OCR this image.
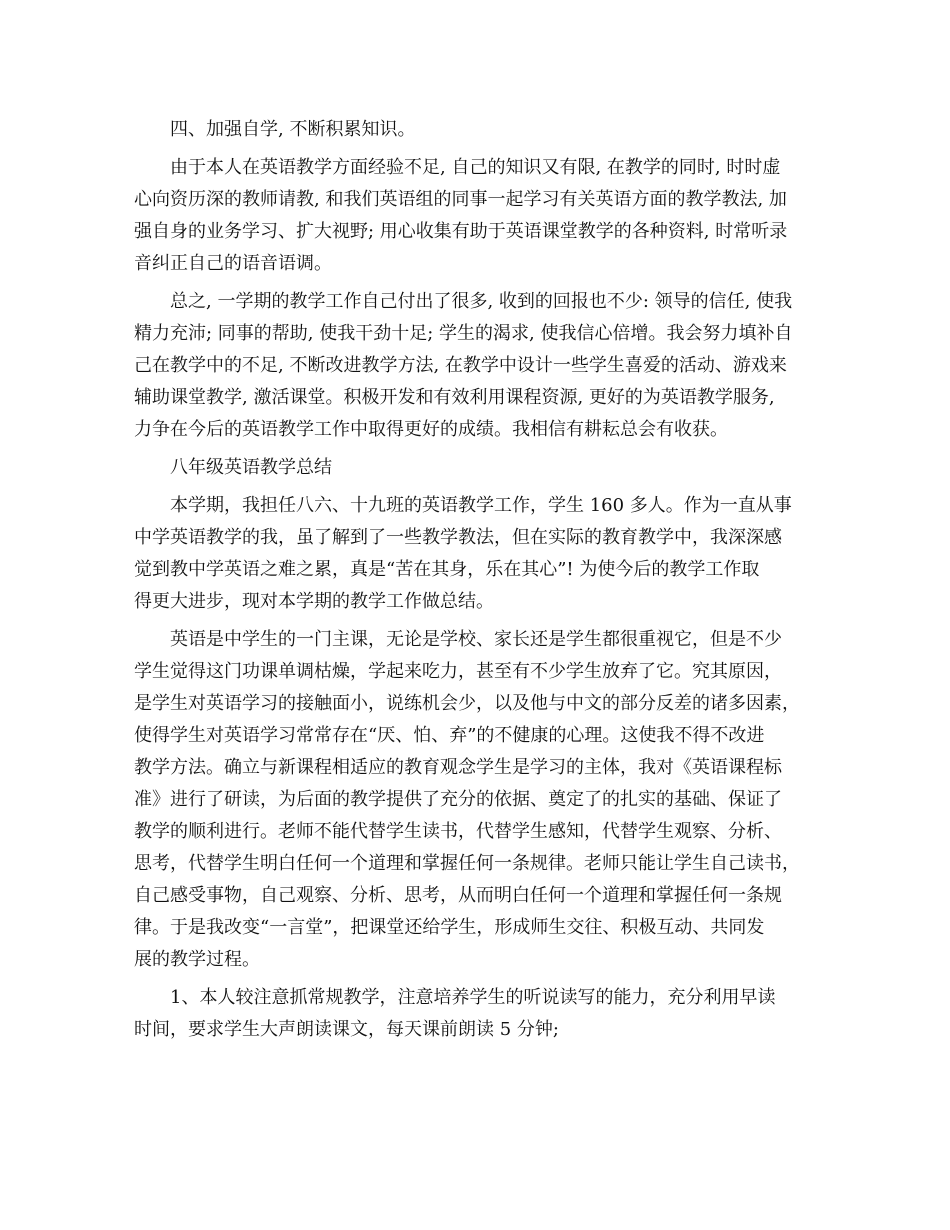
四、加强自学, 不断积累知识。

由于本人在英语教学方面经验不足, 自己的知识又有限, 在教学的同时, 时时虚
心向资历深的教师请教, 和我们英语组的同事一起学习有关英语方面的教学教法, 加
强自身的业务学习、扩大视野; 用心收集有助于英语课堂教学的各种资料, 时常听录
音纠正自己的语音语调。

总之, 一学期的教学工作自己付出了很多, 收到的回报也不少: 领导的信任, 使我
精力充沛; 同事的帮助, 使我干劲十足; 学生的渴求, 使我信心倍增。我会努力填补自
己在教学中的不足, 不断改进教学方法, 在教学中设计一些学生喜爱的活动、游戏来
辅助课堂教学, 激活课堂。积极开发和有效利用课程资源, 更好的为英语教学服务,
力争在今后的英语教学工作中取得更好的成绩。我相信有耕耘总会有收获。

八年级英语教学总结

本学期，我担任八六、十九班的英语教学工作，学生 160 多人。作为一直从事
中学英语教学的我，虽了解到了一些教学教法，但在实际的教育教学中，我深深感
觉到教中学英语之难之累，真是“苦在其身，乐在其心”! 为使今后的教学工作取
得更大进步，现对本学期的教学工作做总结。

英语是中学生的一门主课，无论是学校、家长还是学生都很重视它，但是不少
学生觉得这门功课单调枯燥，学起来吃力，甚至有不少学生放弃了它。究其原因，
是学生对英语学习的接触面小，说练机会少，以及他与中文的部分反差的诸多因素，
使得学生对英语学习常常存在“厌、怕、弃”的不健康的心理。这使我不得不改进
教学方法。确立与新课程相适应的教育观念学生是学习的主体，我对《英语课程标
准》进行了研读，为后面的教学提供了充分的依据、奠定了的扎实的基础、保证了
教学的顺利进行。老师不能代替学生读书，代替学生感知，代替学生观察、分析、
思考，代替学生明白任何一个道理和掌握任何一条规律。老师只能让学生自己读书，
自己感受事物，自己观察、分析、思考，从而明白任何一个道理和掌握任何一条规
律。于是我改变“一言堂”，把课堂还给学生，形成师生交往、积极互动、共同发
展的教学过程。

1、本人较注意抓常规教学，注意培养学生的听说读写的能力，充分利用早读
时间，要求学生大声朗读课文，每天课前朗读 5 分钟;
